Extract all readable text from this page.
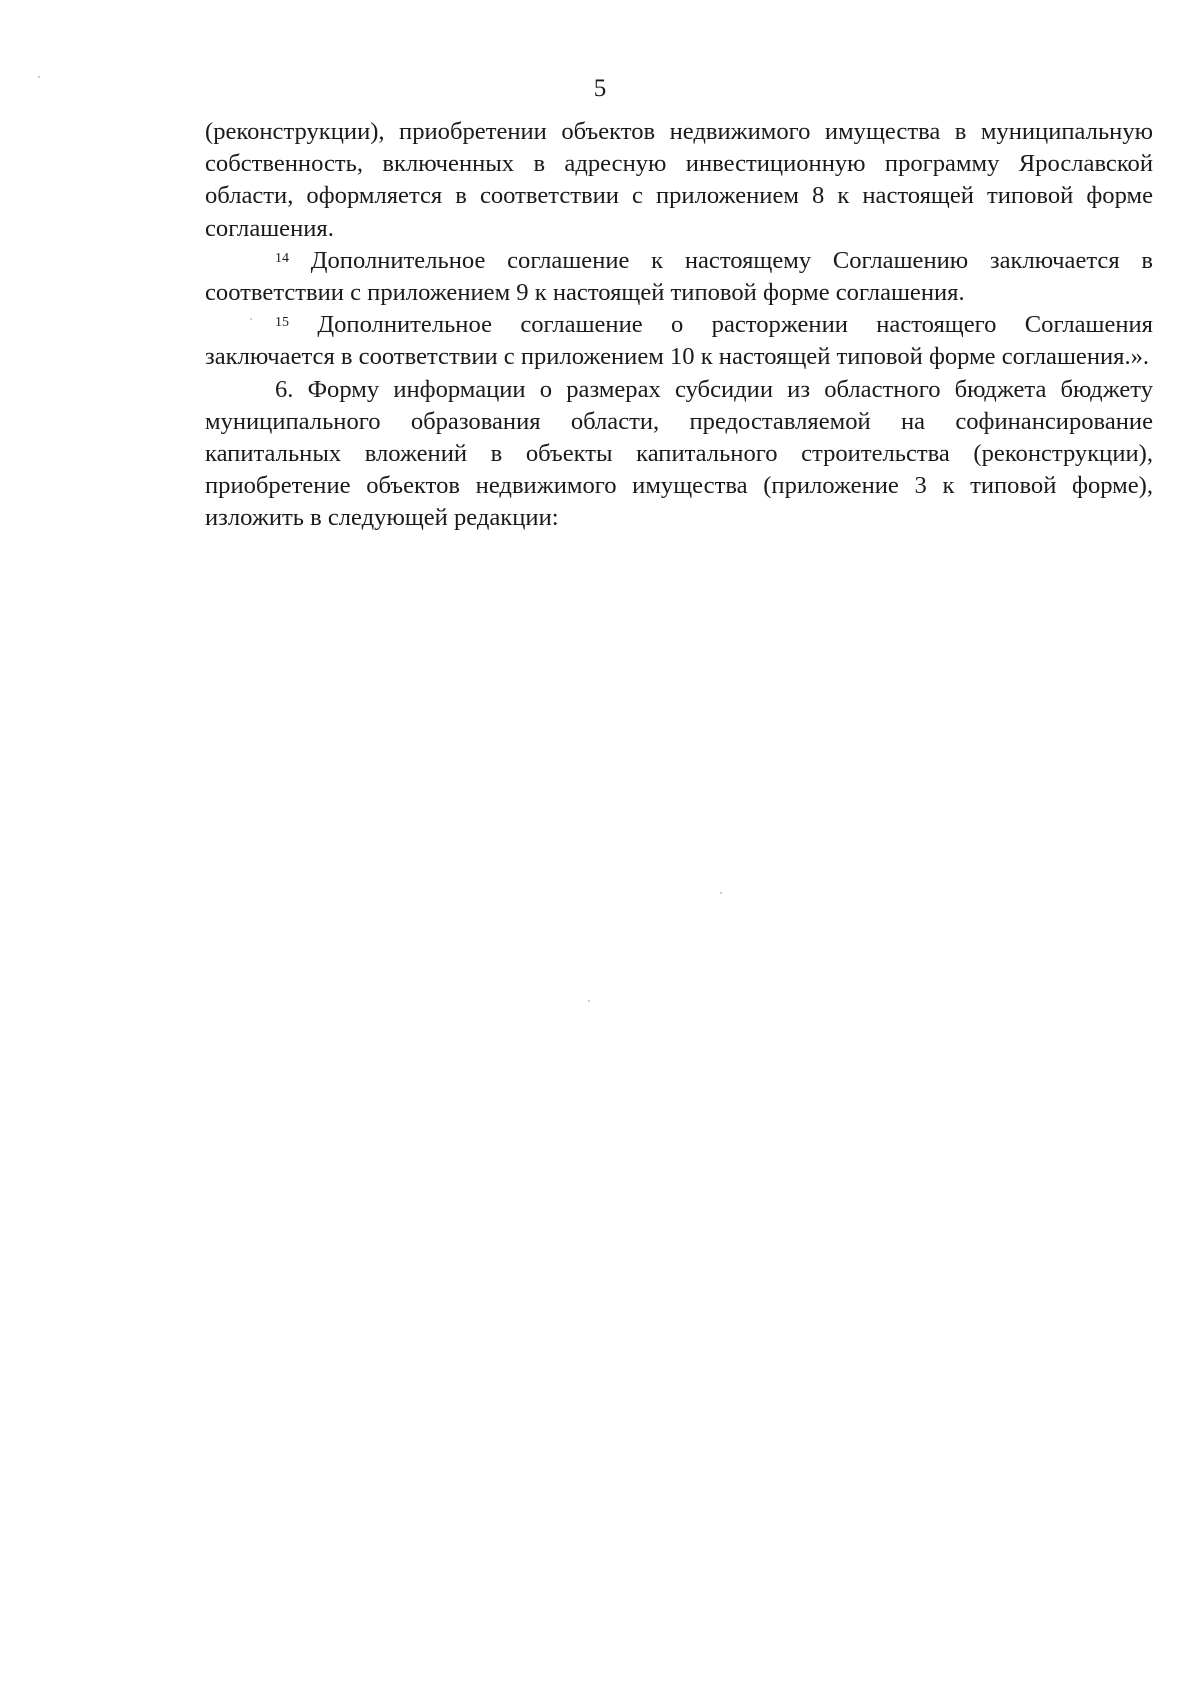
5

(реконструкции), приобретении объектов недвижимого имущества в муниципальную собственность, включенных в адресную инвестиционную программу Ярославской области, оформляется в соответствии с приложением 8 к настоящей типовой форме соглашения.

$^{14}$ Дополнительное соглашение к настоящему Соглашению заключается в соответствии с приложением 9 к настоящей типовой форме соглашения.

$^{15}$ Дополнительное соглашение о расторжении настоящего Соглашения заключается в соответствии с приложением 10 к настоящей типовой форме соглашения.».

6. Форму информации о размерах субсидии из областного бюджета бюджету муниципального образования области, предоставляемой на софинансирование капитальных вложений в объекты капитального строительства (реконструкции), приобретение объектов недвижимого имущества (приложение 3 к типовой форме), изложить в следующей редакции:
